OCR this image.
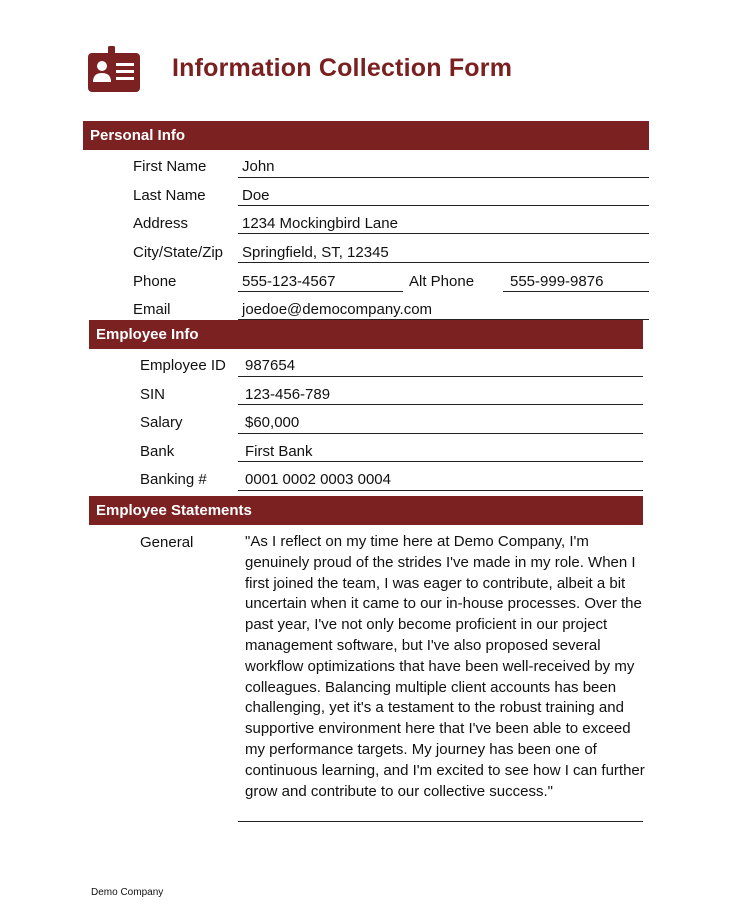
Information Collection Form
Personal Info
First Name John
Last Name Doe
Address	1234 Mockingbird Lane
City/State/Zip Springfield, ST, 12345
Phone	555-123-4567	Alt Phone 555-999-9876
Email	joedoe@democompany.com
Employee Info
Employee ID 987654
SIN	123-456-789
Salary	$60,000
Bank	First Bank
Banking #	0001 0002 0003 0004
Employee Statements
General	"As I reflect on my time here at Demo Company, I'm genuinely proud of the strides I've made in my role. When I first joined the team, I was eager to contribute, albeit a bit uncertain when it came to our in-house processes. Over the past year, I've not only become proficient in our project management software, but I've also proposed several workflow optimizations that have been well-received by my colleagues. Balancing multiple client accounts has been challenging, yet it's a testament to the robust training and supportive environment here that I've been able to exceed my performance targets. My journey has been one of continuous learning, and I'm excited to see how I can further grow and contribute to our collective success."
Demo Company
